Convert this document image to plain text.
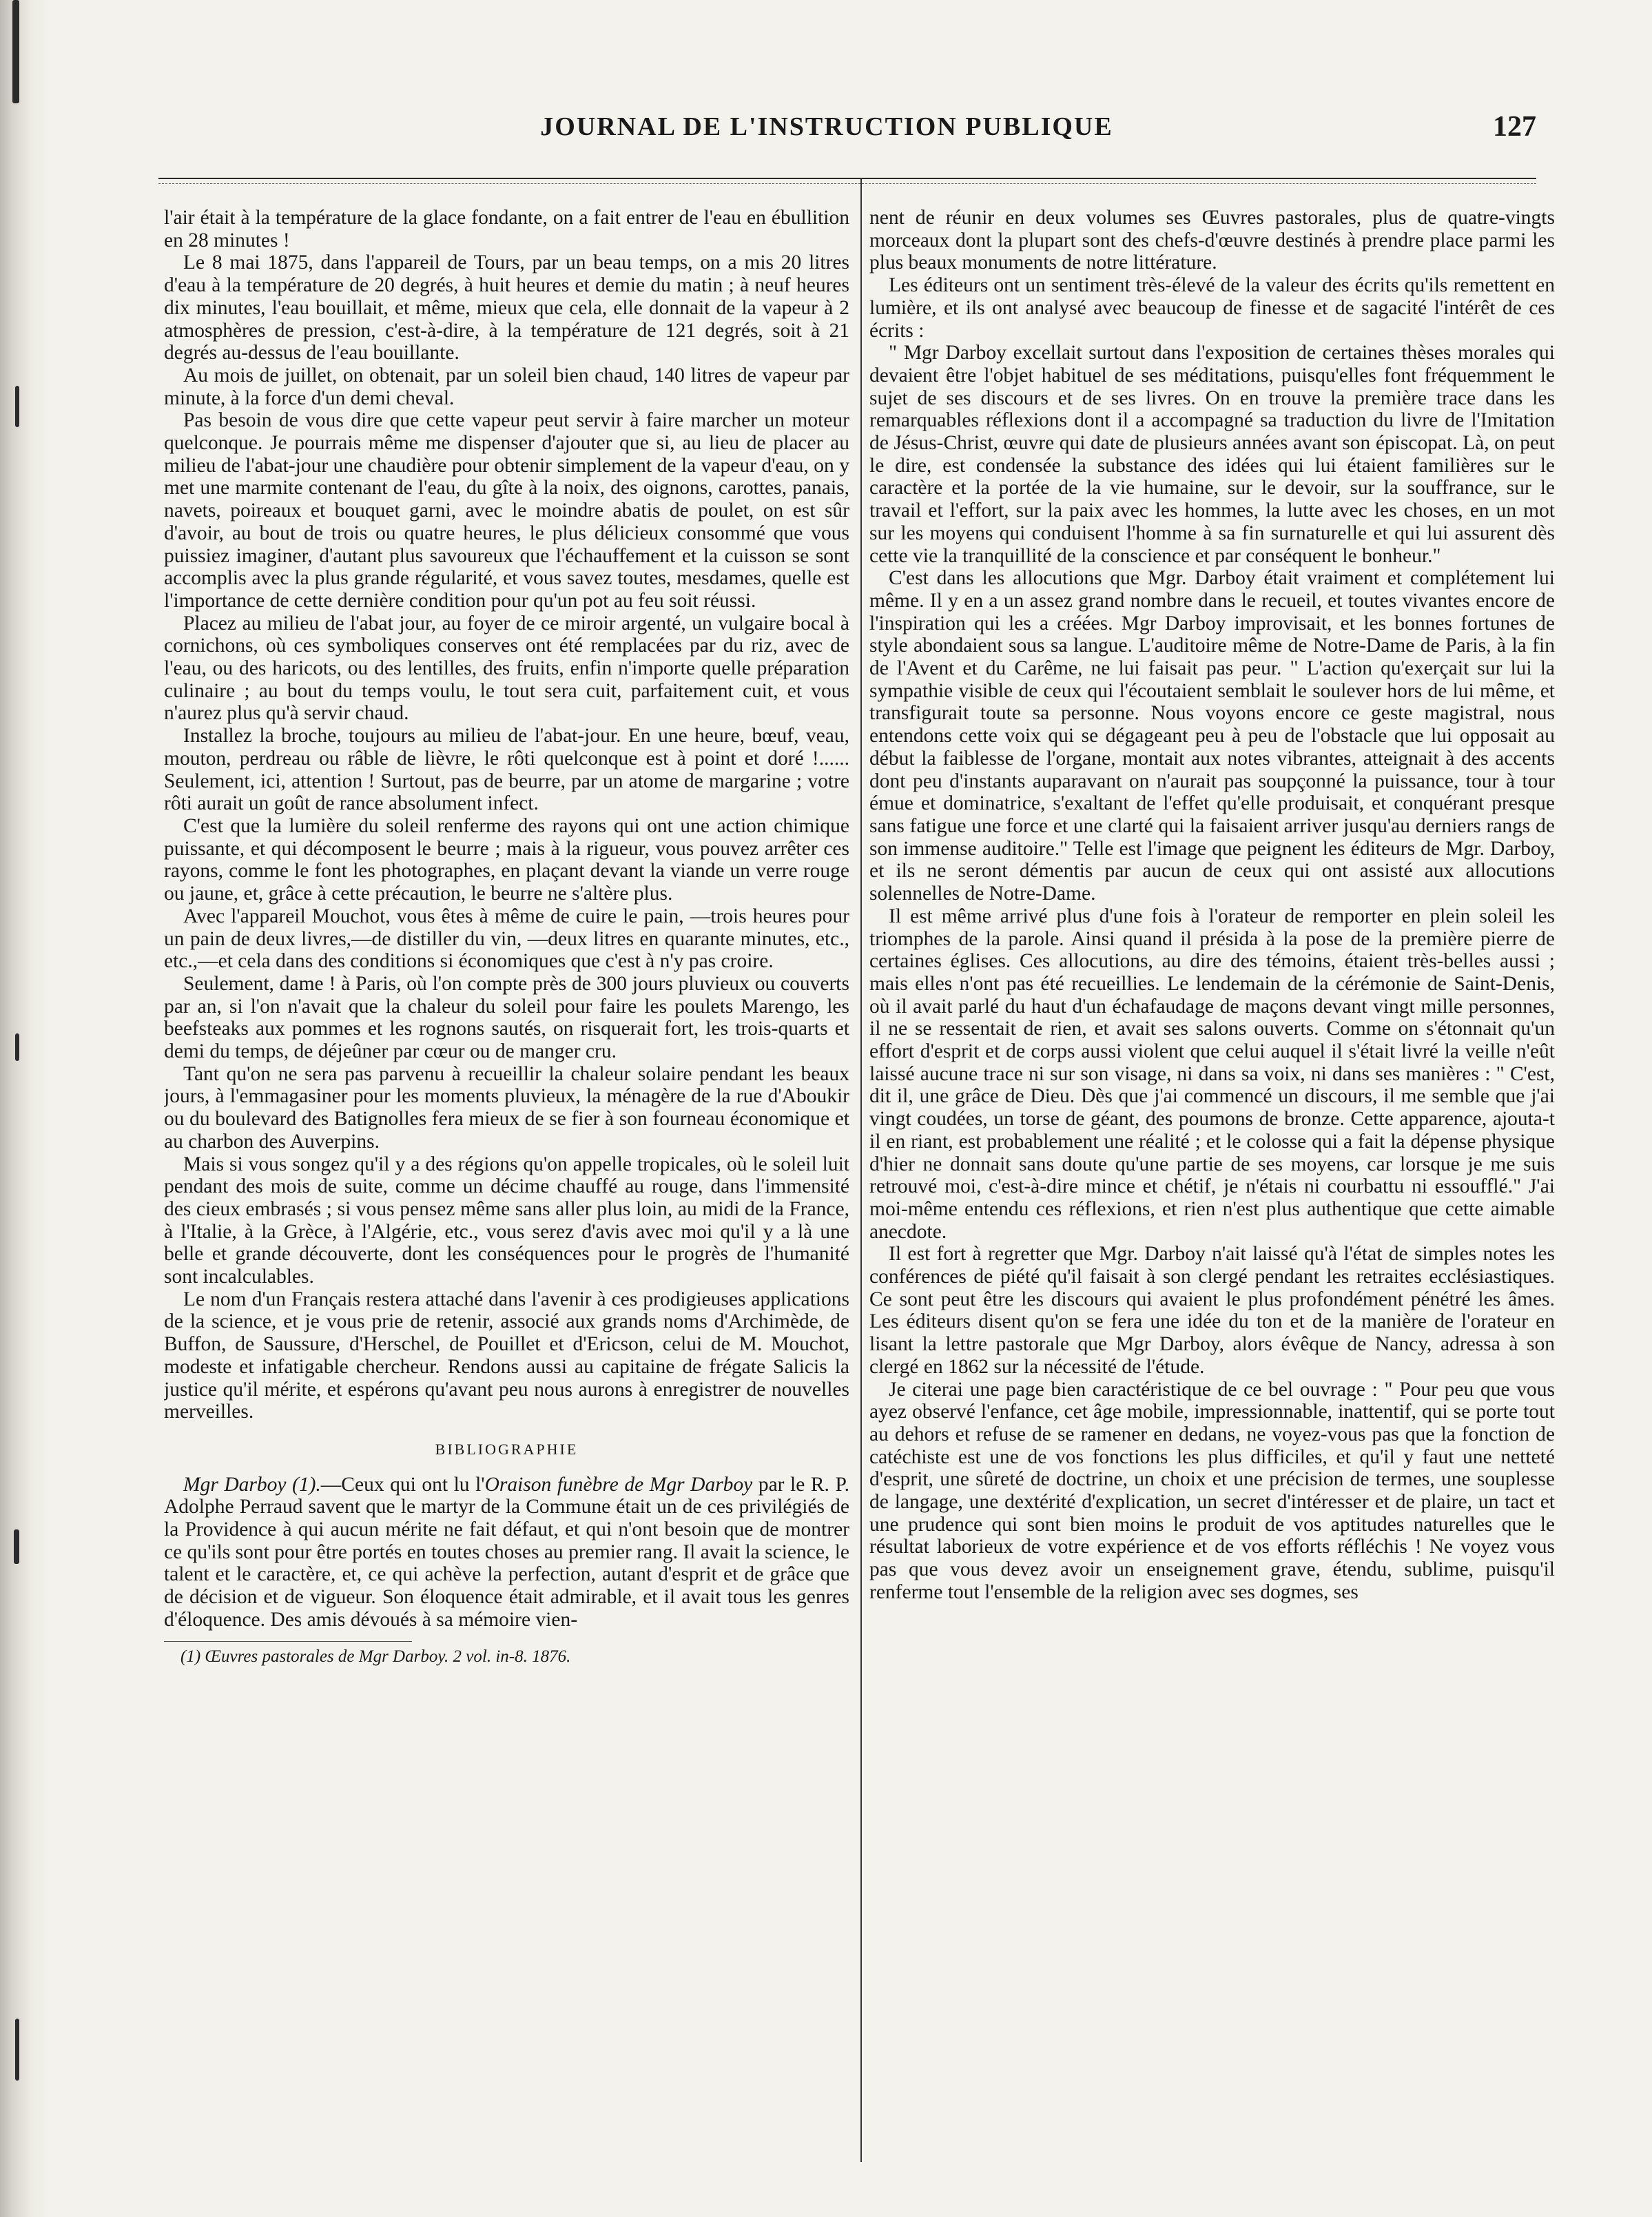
JOURNAL DE L'INSTRUCTION PUBLIQUE	127

l'air était à la température de la glace fondante, on a fait entrer de l'eau en ébullition en 28 minutes !

Le 8 mai 1875, dans l'appareil de Tours, par un beau temps, on a mis 20 litres d'eau à la température de 20 degrés, à huit heures et demie du matin ; à neuf heures dix minutes, l'eau bouillait, et même, mieux que cela, elle donnait de la vapeur à 2 atmosphères de pression, c'est-à-dire, à la température de 121 degrés, soit à 21 degrés au-dessus de l'eau bouillante.

Au mois de juillet, on obtenait, par un soleil bien chaud, 140 litres de vapeur par minute, à la force d'un demi cheval.

Pas besoin de vous dire que cette vapeur peut servir à faire marcher un moteur quelconque. Je pourrais même me dispenser d'ajouter que si, au lieu de placer au milieu de l'abat-jour une chaudière pour obtenir simplement de la vapeur d'eau, on y met une marmite contenant de l'eau, du gîte à la noix, des oignons, carottes, panais, navets, poireaux et bouquet garni, avec le moindre abatis de poulet, on est sûr d'avoir, au bout de trois ou quatre heures, le plus délicieux consommé que vous puissiez imaginer, d'autant plus savoureux que l'échauffement et la cuisson se sont accomplis avec la plus grande régularité, et vous savez toutes, mesdames, quelle est l'importance de cette dernière condition pour qu'un pot au feu soit réussi.

Placez au milieu de l'abat jour, au foyer de ce miroir argenté, un vulgaire bocal à cornichons, où ces symboliques conserves ont été remplacées par du riz, avec de l'eau, ou des haricots, ou des lentilles, des fruits, enfin n'importe quelle préparation culinaire ; au bout du temps voulu, le tout sera cuit, parfaitement cuit, et vous n'aurez plus qu'à servir chaud.

Installez la broche, toujours au milieu de l'abat-jour. En une heure, bœuf, veau, mouton, perdreau ou râble de lièvre, le rôti quelconque est à point et doré !...... Seulement, ici, attention ! Surtout, pas de beurre, par un atome de margarine ; votre rôti aurait un goût de rance absolument infect.

C'est que la lumière du soleil renferme des rayons qui ont une action chimique puissante, et qui décomposent le beurre ; mais à la rigueur, vous pouvez arrêter ces rayons, comme le font les photographes, en plaçant devant la viande un verre rouge ou jaune, et, grâce à cette précaution, le beurre ne s'altère plus.

Avec l'appareil Mouchot, vous êtes à même de cuire le pain, —trois heures pour un pain de deux livres,—de distiller du vin, —deux litres en quarante minutes, etc., etc.,—et cela dans des conditions si économiques que c'est à n'y pas croire.

Seulement, dame ! à Paris, où l'on compte près de 300 jours pluvieux ou couverts par an, si l'on n'avait que la chaleur du soleil pour faire les poulets Marengo, les beefsteaks aux pommes et les rognons sautés, on risquerait fort, les trois-quarts et demi du temps, de déjeûner par cœur ou de manger cru.

Tant qu'on ne sera pas parvenu à recueillir la chaleur solaire pendant les beaux jours, à l'emmagasiner pour les moments pluvieux, la ménagère de la rue d'Aboukir ou du boulevard des Batignolles fera mieux de se fier à son fourneau économique et au charbon des Auverpins.

Mais si vous songez qu'il y a des régions qu'on appelle tropicales, où le soleil luit pendant des mois de suite, comme un décime chauffé au rouge, dans l'immensité des cieux embrasés ; si vous pensez même sans aller plus loin, au midi de la France, à l'Italie, à la Grèce, à l'Algérie, etc., vous serez d'avis avec moi qu'il y a là une belle et grande découverte, dont les conséquences pour le progrès de l'humanité sont incalculables.

Le nom d'un Français restera attaché dans l'avenir à ces prodigieuses applications de la science, et je vous prie de retenir, associé aux grands noms d'Archimède, de Buffon, de Saussure, d'Herschel, de Pouillet et d'Ericson, celui de M. Mouchot, modeste et infatigable chercheur. Rendons aussi au capitaine de frégate Salicis la justice qu'il mérite, et espérons qu'avant peu nous aurons à enregistrer de nouvelles merveilles.

BIBLIOGRAPHIE

Mgr Darboy (1).—Ceux qui ont lu l'Oraison funèbre de Mgr Darboy par le R. P. Adolphe Perraud savent que le martyr de la Commune était un de ces privilégiés de la Providence à qui aucun mérite ne fait défaut, et qui n'ont besoin que de montrer ce qu'ils sont pour être portés en toutes choses au premier rang. Il avait la science, le talent et le caractère, et, ce qui achève la perfection, autant d'esprit et de grâce que de décision et de vigueur. Son éloquence était admirable, et il avait tous les genres d'éloquence. Des amis dévoués à sa mémoire vien-

(1) Œuvres pastorales de Mgr Darboy. 2 vol. in-8. 1876.

nent de réunir en deux volumes ses Œuvres pastorales, plus de quatre-vingts morceaux dont la plupart sont des chefs-d'œuvre destinés à prendre place parmi les plus beaux monuments de notre littérature.

Les éditeurs ont un sentiment très-élevé de la valeur des écrits qu'ils remettent en lumière, et ils ont analysé avec beaucoup de finesse et de sagacité l'intérêt de ces écrits :

" Mgr Darboy excellait surtout dans l'exposition de certaines thèses morales qui devaient être l'objet habituel de ses méditations, puisqu'elles font fréquemment le sujet de ses discours et de ses livres. On en trouve la première trace dans les remarquables réflexions dont il a accompagné sa traduction du livre de l'Imitation de Jésus-Christ, œuvre qui date de plusieurs années avant son épiscopat. Là, on peut le dire, est condensée la substance des idées qui lui étaient familières sur le caractère et la portée de la vie humaine, sur le devoir, sur la souffrance, sur le travail et l'effort, sur la paix avec les hommes, la lutte avec les choses, en un mot sur les moyens qui conduisent l'homme à sa fin surnaturelle et qui lui assurent dès cette vie la tranquillité de la conscience et par conséquent le bonheur."

C'est dans les allocutions que Mgr. Darboy était vraiment et complétement lui même. Il y en a un assez grand nombre dans le recueil, et toutes vivantes encore de l'inspiration qui les a créées. Mgr Darboy improvisait, et les bonnes fortunes de style abondaient sous sa langue. L'auditoire même de Notre-Dame de Paris, à la fin de l'Avent et du Carême, ne lui faisait pas peur. " L'action qu'exerçait sur lui la sympathie visible de ceux qui l'écoutaient semblait le soulever hors de lui même, et transfigurait toute sa personne. Nous voyons encore ce geste magistral, nous entendons cette voix qui se dégageant peu à peu de l'obstacle que lui opposait au début la faiblesse de l'organe, montait aux notes vibrantes, atteignait à des accents dont peu d'instants auparavant on n'aurait pas soupçonné la puissance, tour à tour émue et dominatrice, s'exaltant de l'effet qu'elle produisait, et conquérant presque sans fatigue une force et une clarté qui la faisaient arriver jusqu'au derniers rangs de son immense auditoire." Telle est l'image que peignent les éditeurs de Mgr. Darboy, et ils ne seront démentis par aucun de ceux qui ont assisté aux allocutions solennelles de Notre-Dame.

Il est même arrivé plus d'une fois à l'orateur de remporter en plein soleil les triomphes de la parole. Ainsi quand il présida à la pose de la première pierre de certaines églises. Ces allocutions, au dire des témoins, étaient très-belles aussi ; mais elles n'ont pas été recueillies. Le lendemain de la cérémonie de Saint-Denis, où il avait parlé du haut d'un échafaudage de maçons devant vingt mille personnes, il ne se ressentait de rien, et avait ses salons ouverts. Comme on s'étonnait qu'un effort d'esprit et de corps aussi violent que celui auquel il s'était livré la veille n'eût laissé aucune trace ni sur son visage, ni dans sa voix, ni dans ses manières : " C'est, dit il, une grâce de Dieu. Dès que j'ai commencé un discours, il me semble que j'ai vingt coudées, un torse de géant, des poumons de bronze. Cette apparence, ajouta-t il en riant, est probablement une réalité ; et le colosse qui a fait la dépense physique d'hier ne donnait sans doute qu'une partie de ses moyens, car lorsque je me suis retrouvé moi, c'est-à-dire mince et chétif, je n'étais ni courbattu ni essoufflé." J'ai moi-même entendu ces réflexions, et rien n'est plus authentique que cette aimable anecdote.

Il est fort à regretter que Mgr. Darboy n'ait laissé qu'à l'état de simples notes les conférences de piété qu'il faisait à son clergé pendant les retraites ecclésiastiques. Ce sont peut être les discours qui avaient le plus profondément pénétré les âmes. Les éditeurs disent qu'on se fera une idée du ton et de la manière de l'orateur en lisant la lettre pastorale que Mgr Darboy, alors évêque de Nancy, adressa à son clergé en 1862 sur la nécessité de l'étude.

Je citerai une page bien caractéristique de ce bel ouvrage : " Pour peu que vous ayez observé l'enfance, cet âge mobile, impressionnable, inattentif, qui se porte tout au dehors et refuse de se ramener en dedans, ne voyez-vous pas que la fonction de catéchiste est une de vos fonctions les plus difficiles, et qu'il y faut une netteté d'esprit, une sûreté de doctrine, un choix et une précision de termes, une souplesse de langage, une dextérité d'explication, un secret d'intéresser et de plaire, un tact et une prudence qui sont bien moins le produit de vos aptitudes naturelles que le résultat laborieux de votre expérience et de vos efforts réfléchis ! Ne voyez vous pas que vous devez avoir un enseignement grave, étendu, sublime, puisqu'il renferme tout l'ensemble de la religion avec ses dogmes, ses
